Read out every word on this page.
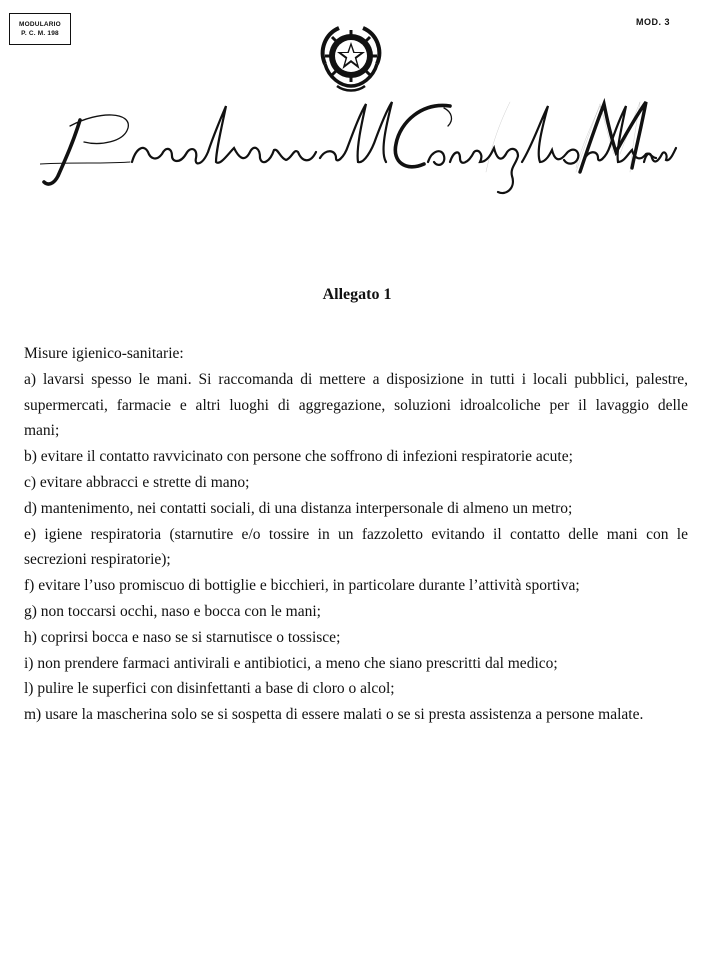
MODULARIO
P. C. M. 198
MOD. 3
Allegato 1
Misure igienico-sanitarie:
a) lavarsi spesso le mani. Si raccomanda di mettere a disposizione in tutti i locali pubblici, palestre,
supermercati, farmacie e altri luoghi di aggregazione, soluzioni idroalcoliche per il lavaggio delle
mani;
b) evitare il contatto ravvicinato con persone che soffrono di infezioni respiratorie acute;
c) evitare abbracci e strette di mano;
d) mantenimento, nei contatti sociali, di una distanza interpersonale di almeno un metro;
e) igiene respiratoria (starnutire e/o tossire in un fazzoletto evitando il contatto delle mani con le
secrezioni respiratorie);
f) evitare l’uso promiscuo di bottiglie e bicchieri, in particolare durante l’attività sportiva;
g) non toccarsi occhi, naso e bocca con le mani;
h) coprirsi bocca e naso se si starnutisce o tossisce;
i) non prendere farmaci antivirali e antibiotici, a meno che siano prescritti dal medico;
l) pulire le superfici con disinfettanti a base di cloro o alcol;
m) usare la mascherina solo se si sospetta di essere malati o se si presta assistenza a persone malate.
